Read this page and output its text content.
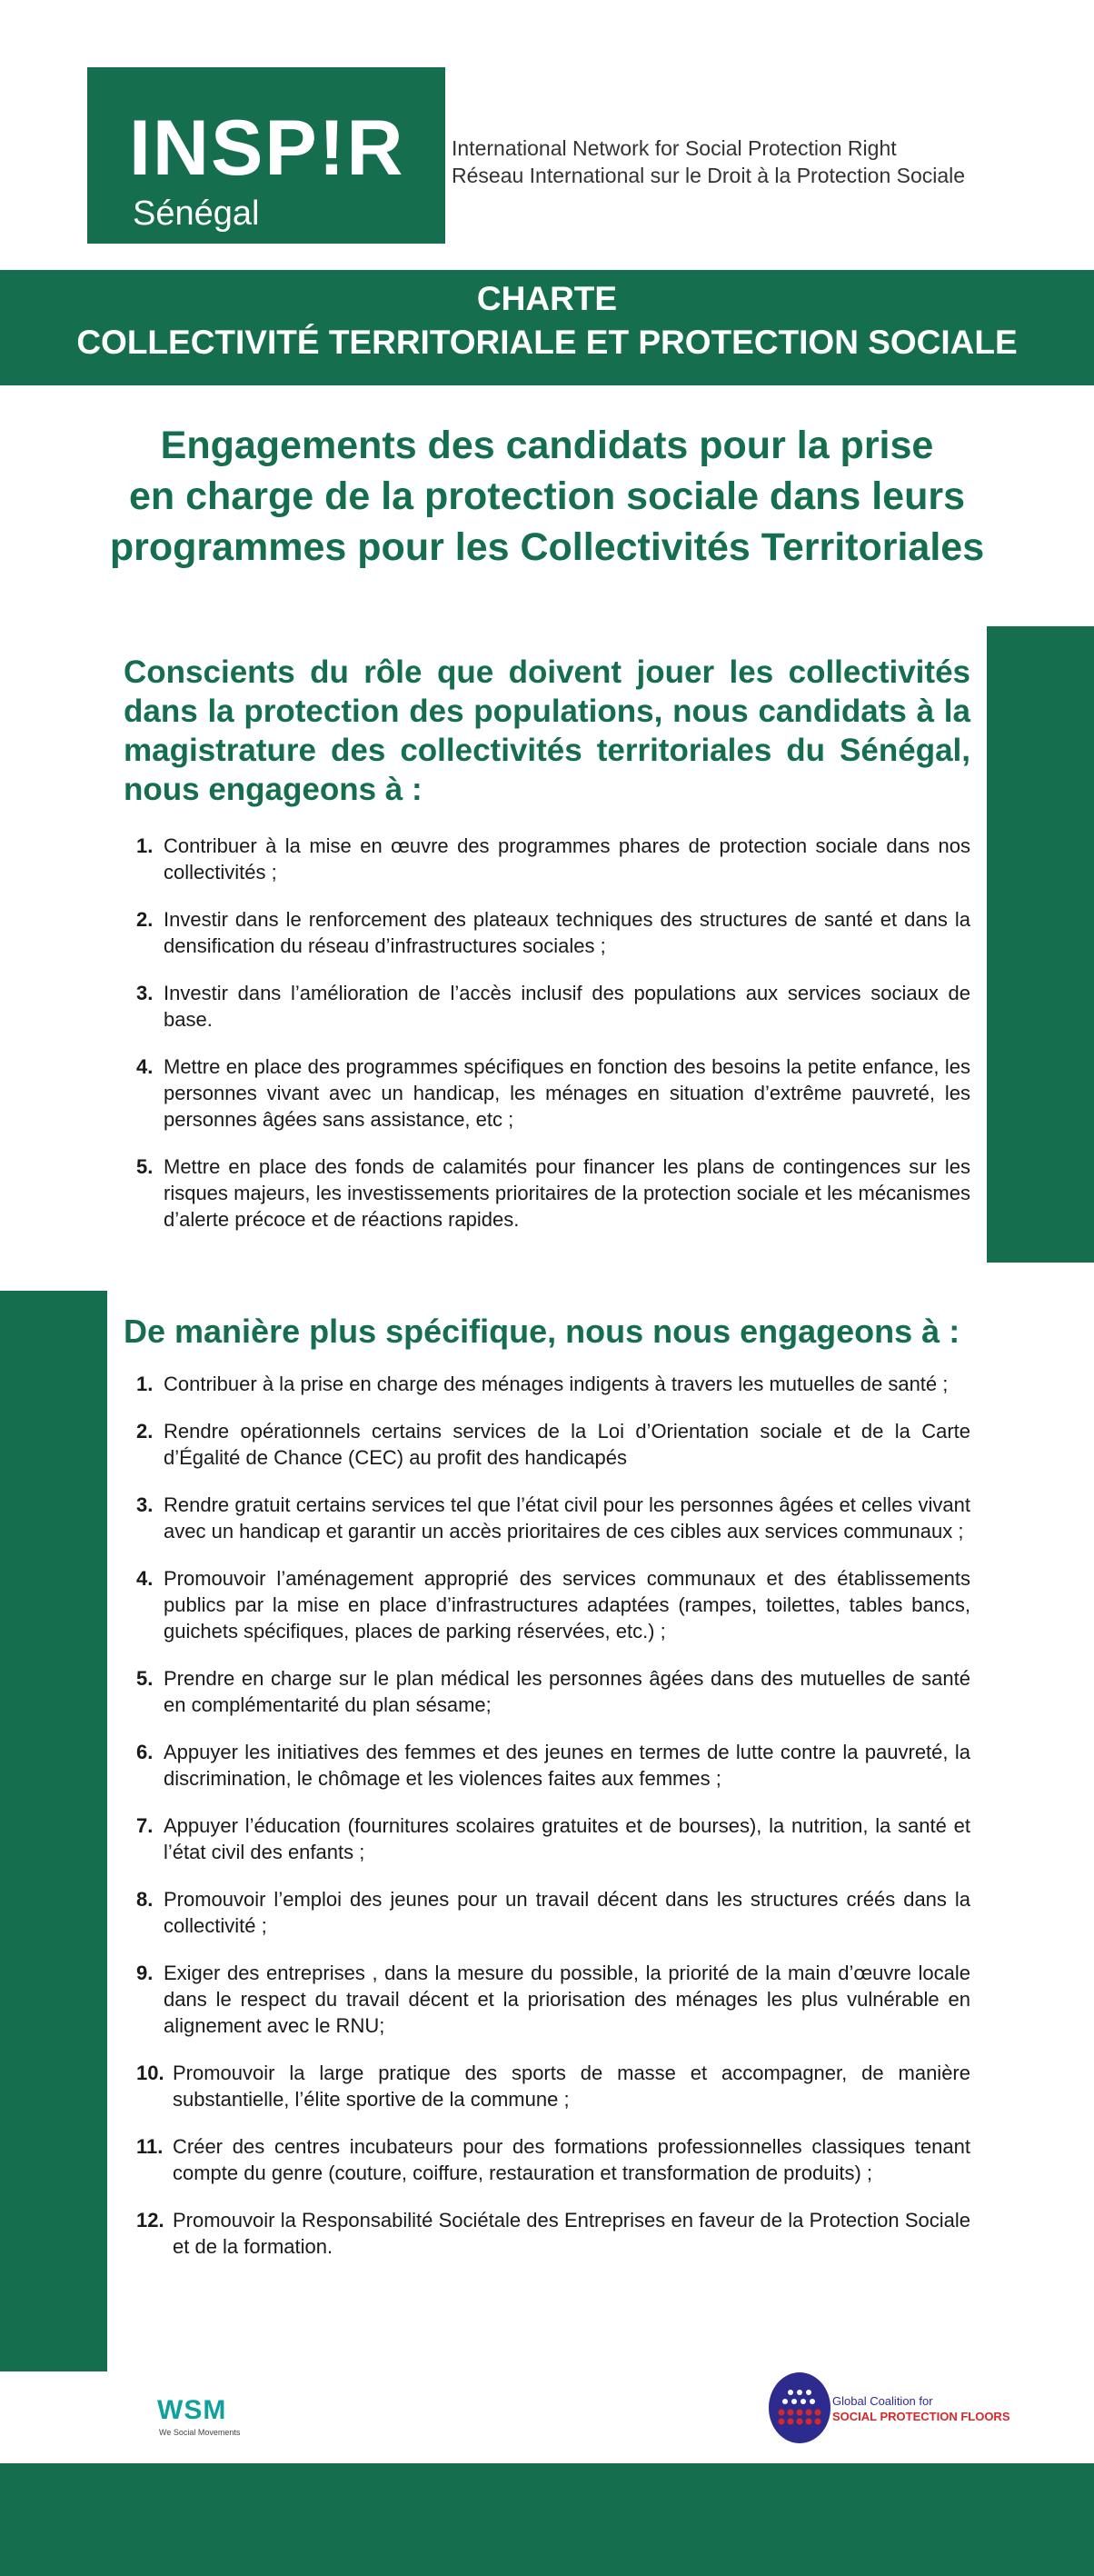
INSP!R
Sénégal
International Network for Social Protection Right
Réseau International sur le Droit à la Protection Sociale
CHARTE
COLLECTIVITÉ TERRITORIALE ET PROTECTION SOCIALE
Engagements des candidats pour la prise
en charge de la protection sociale dans leurs
programmes pour les Collectivités Territoriales
Conscients du rôle que doivent jouer les collectivités dans la protection des populations, nous candidats à la magistrature des collectivités territoriales du Sénégal, nous engageons à :
1. Contribuer à la mise en œuvre des programmes phares de protection sociale dans nos collectivités ;
2. Investir dans le renforcement des plateaux techniques des structures de santé et dans la densification du réseau d’infrastructures sociales ;
3. Investir dans l’amélioration de l’accès inclusif des populations aux services sociaux de base.
4. Mettre en place des programmes spécifiques en fonction des besoins la petite enfance, les personnes vivant avec un handicap, les ménages en situation d’extrême pauvreté, les personnes âgées sans assistance, etc ;
5. Mettre en place des fonds de calamités pour financer les plans de contingences sur les risques majeurs, les investissements prioritaires de la protection sociale et les mécanismes d’alerte précoce et de réactions rapides.
De manière plus spécifique, nous nous engageons à :
1. Contribuer à la prise en charge des ménages indigents à travers les mutuelles de santé ;
2. Rendre opérationnels certains services de la Loi d’Orientation sociale et de la Carte d’Égalité de Chance (CEC) au profit des handicapés
3. Rendre gratuit certains services tel que l’état civil pour les personnes âgées et celles vivant avec un handicap et garantir un accès prioritaires de ces cibles aux services communaux ;
4. Promouvoir l’aménagement approprié des services communaux et des établissements publics par la mise en place d’infrastructures adaptées (rampes, toilettes, tables bancs, guichets spécifiques, places de parking réservées, etc.) ;
5. Prendre en charge sur le plan médical les personnes âgées dans des mutuelles de santé en complémentarité du plan sésame;
6. Appuyer les initiatives des femmes et des jeunes en termes de lutte contre la pauvreté, la discrimination, le chômage et les violences faites aux femmes ;
7. Appuyer l’éducation (fournitures scolaires gratuites et de bourses), la nutrition, la santé et l’état civil des enfants ;
8. Promouvoir l’emploi des jeunes pour un travail décent dans les structures créés dans la collectivité ;
9. Exiger des entreprises , dans la mesure du possible, la priorité de la main d’œuvre locale dans le respect du travail décent et la priorisation des ménages les plus vulnérable en alignement avec le RNU;
10. Promouvoir la large pratique des sports de masse et accompagner, de manière substantielle, l’élite sportive de la commune ;
11. Créer des centres incubateurs pour des formations professionnelles classiques tenant compte du genre (couture, coiffure, restauration et transformation de produits) ;
12. Promouvoir la Responsabilité Sociétale des Entreprises en faveur de la Protection Sociale et de la formation.
WSM
We Social Movements
Global Coalition for
SOCIAL PROTECTION FLOORS
